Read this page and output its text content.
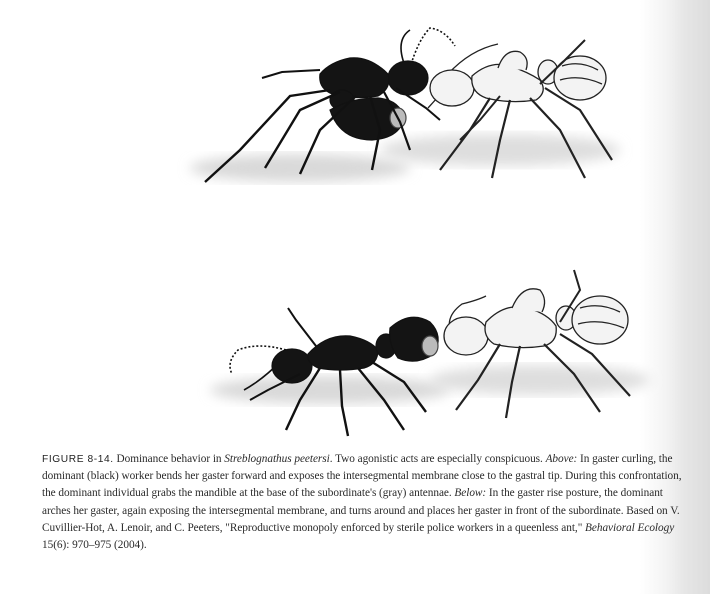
FIGURE 8-14. Dominance behavior in Streblognathus peetersi. Two agonistic acts are especially conspicuous. Above: In gaster curling, the dominant (black) worker bends her gaster forward and exposes the intersegmental membrane close to the gastral tip. During this confrontation, the dominant individual grabs the mandible at the base of the subordinate's (gray) antennae. Below: In the gaster rise posture, the dominant arches her gaster, again exposing the intersegmental membrane, and turns around and places her gaster in front of the subordinate. Based on V. Cuvillier-Hot, A. Lenoir, and C. Peeters, "Reproductive monopoly enforced by sterile police workers in a queenless ant," Behavioral Ecology 15(6): 970–975 (2004).
